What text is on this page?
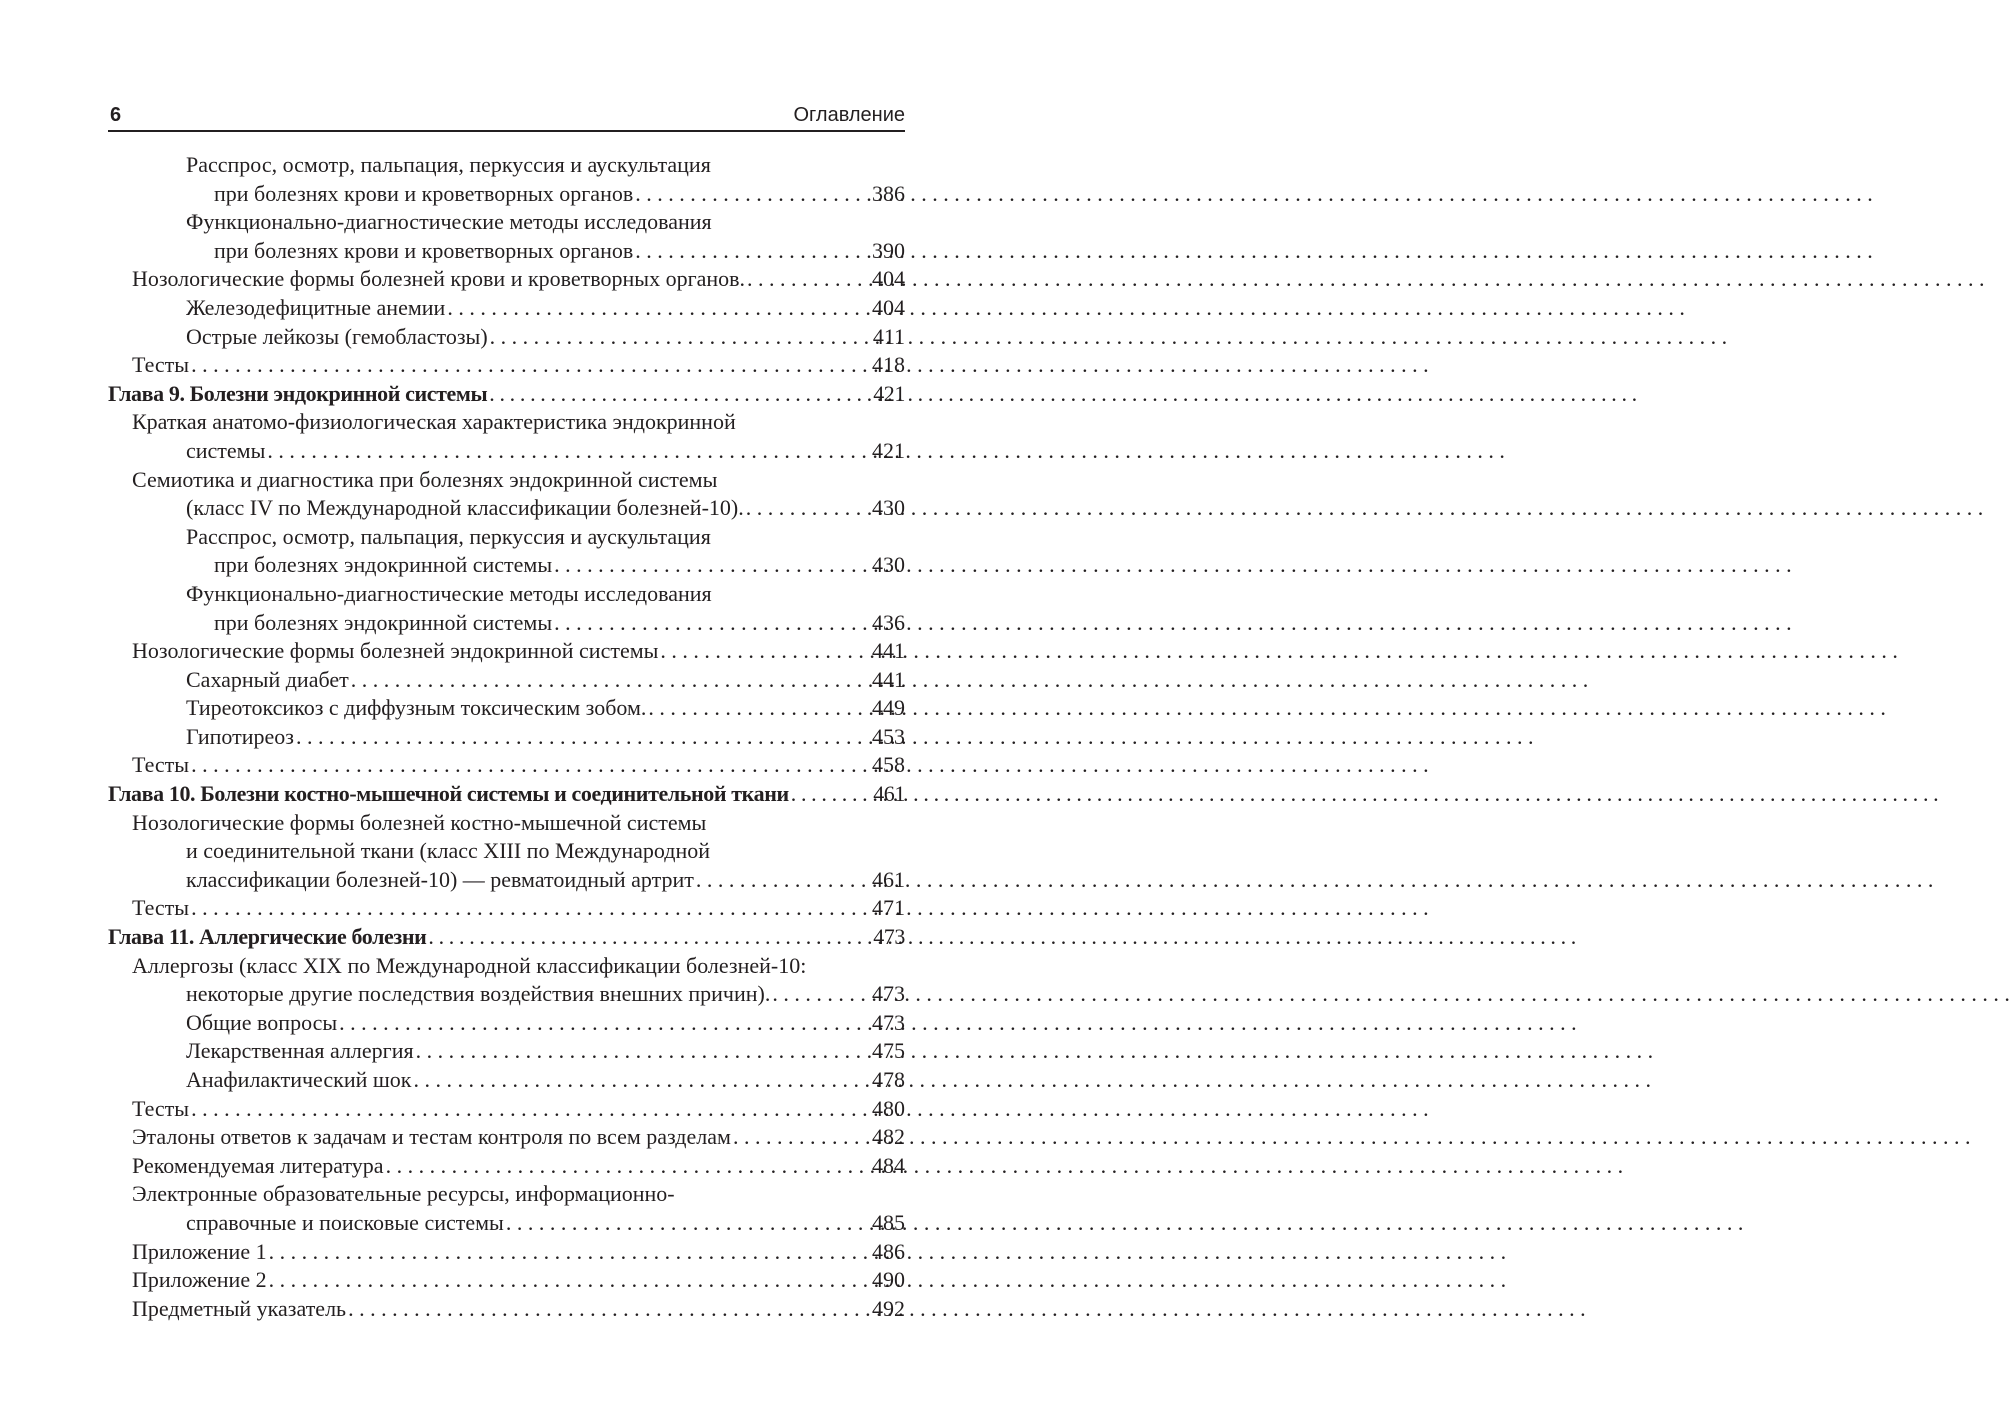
6	Оглавление
Расспрос, осмотр, пальпация, перкуссия и аускультация
при болезнях крови и кроветворных органов . . .	386
Функционально-диагностические методы исследования
при болезнях крови и кроветворных органов . . .	390
Нозологические формы болезней крови и кроветворных органов. . . .	404
Железодефицитные анемии . . .	404
Острые лейкозы (гемобластозы) . . .	411
Тесты . . .	418
Глава 9. Болезни эндокринной системы . . .	421
Краткая анатомо-физиологическая характеристика эндокринной
системы . . .	421
Семиотика и диагностика при болезнях эндокринной системы
(класс IV по Международной классификации болезней-10). . . .	430
Расспрос, осмотр, пальпация, перкуссия и аускультация
при болезнях эндокринной системы . . .	430
Функционально-диагностические методы исследования
при болезнях эндокринной системы . . .	436
Нозологические формы болезней эндокринной системы . . .	441
Сахарный диабет . . .	441
Тиреотоксикоз с диффузным токсическим зобом. . . .	449
Гипотиреоз . . .	453
Тесты . . .	458
Глава 10. Болезни костно-мышечной системы и соединительной ткани . . .	461
Нозологические формы болезней костно-мышечной системы
и соединительной ткани (класс XIII по Международной
классификации болезней-10) — ревматоидный артрит . . .	461
Тесты . . .	471
Глава 11. Аллергические болезни . . .	473
Аллергозы (класс XIX по Международной классификации болезней-10:
некоторые другие последствия воздействия внешних причин). . . .	473
Общие вопросы . . .	473
Лекарственная аллергия . . .	475
Анафилактический шок . . .	478
Тесты . . .	480
Эталоны ответов к задачам и тестам контроля по всем разделам . . .	482
Рекомендуемая литература . . .	484
Электронные образовательные ресурсы, информационно-
справочные и поисковые системы . . .	485
Приложение 1 . . .	486
Приложение 2 . . .	490
Предметный указатель . . .	492
